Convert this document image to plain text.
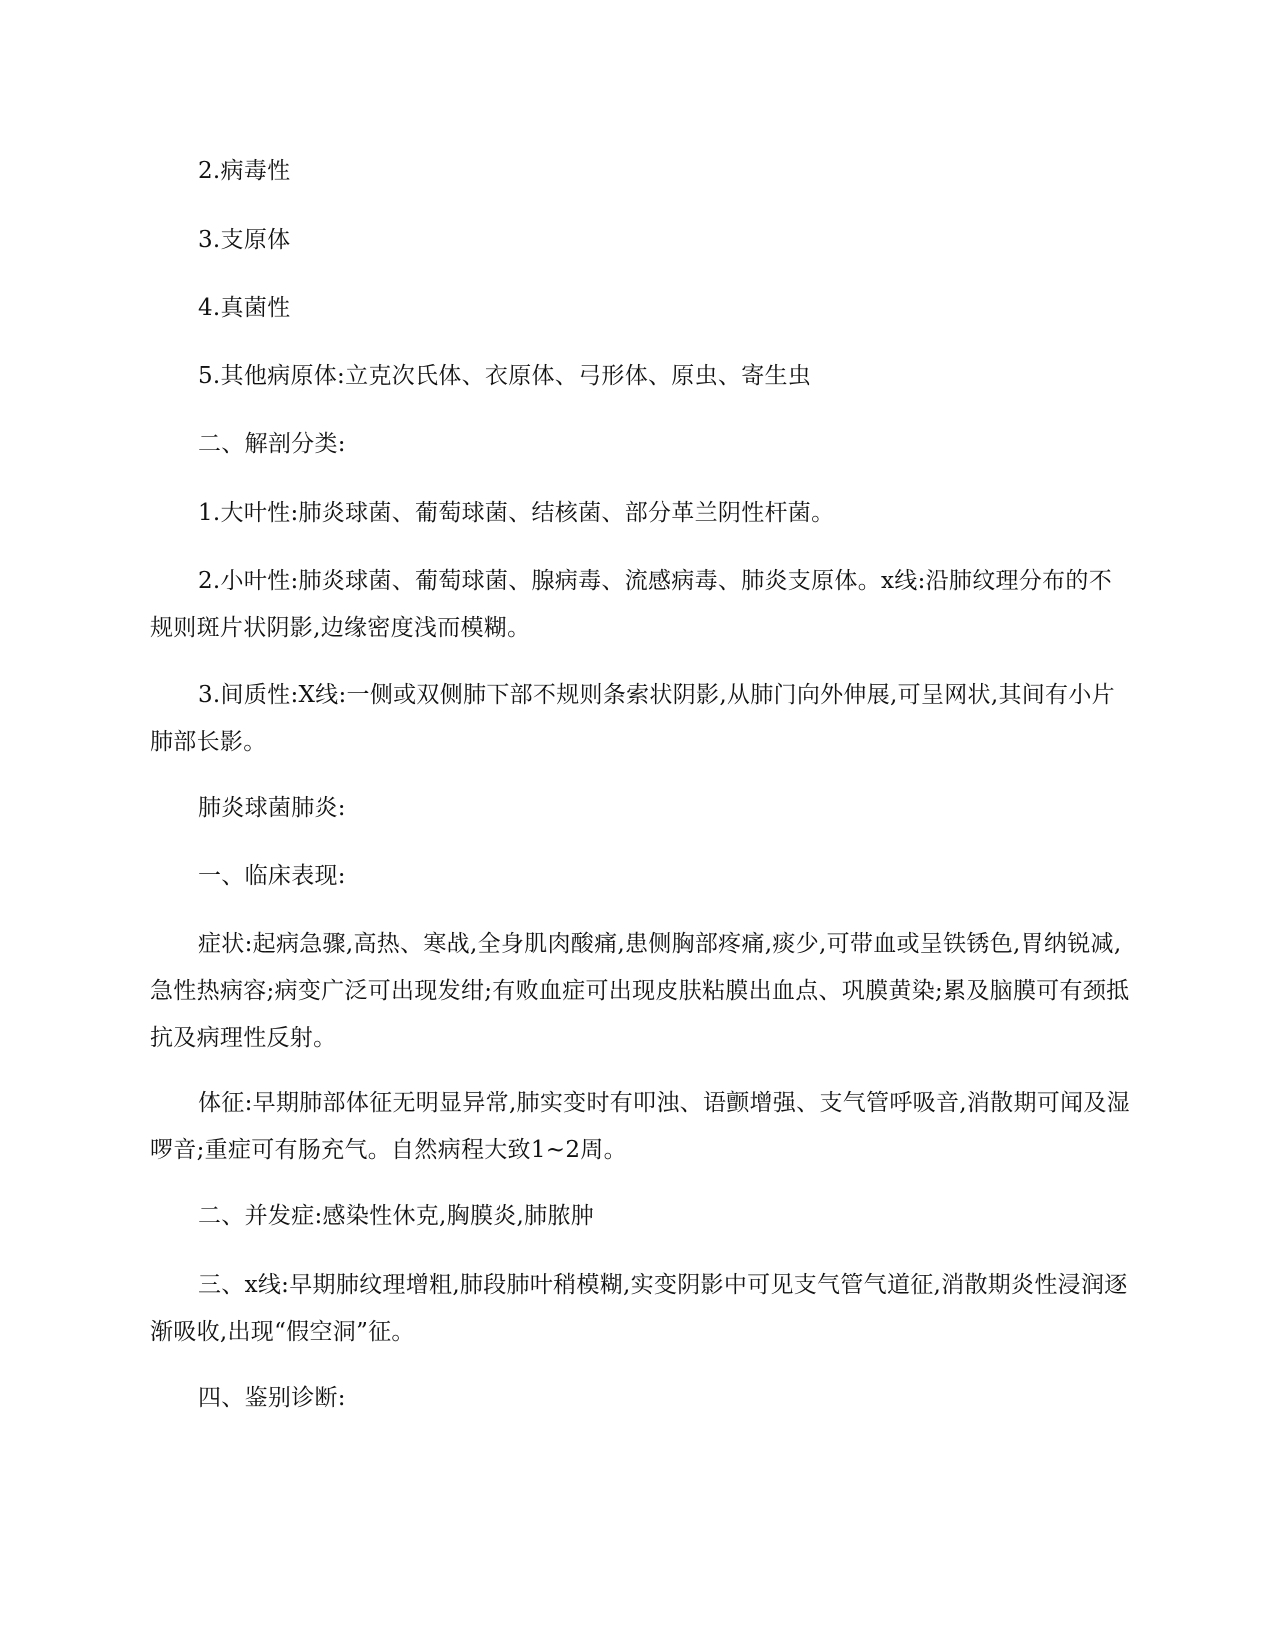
2.病毒性

3.支原体

4.真菌性

5.其他病原体:立克次氏体、衣原体、弓形体、原虫、寄生虫

二、解剖分类:

1.大叶性:肺炎球菌、葡萄球菌、结核菌、部分革兰阴性杆菌。

2.小叶性:肺炎球菌、葡萄球菌、腺病毒、流感病毒、肺炎支原体。x线:沿肺纹理分布的不规则斑片状阴影,边缘密度浅而模糊。

3.间质性:X线:一侧或双侧肺下部不规则条索状阴影,从肺门向外伸展,可呈网状,其间有小片肺部长影。

肺炎球菌肺炎:

一、临床表现:

症状:起病急骤,高热、寒战,全身肌肉酸痛,患侧胸部疼痛,痰少,可带血或呈铁锈色,胃纳锐减,急性热病容;病变广泛可出现发绀;有败血症可出现皮肤粘膜出血点、巩膜黄染;累及脑膜可有颈抵抗及病理性反射。

体征:早期肺部体征无明显异常,肺实变时有叩浊、语颤增强、支气管呼吸音,消散期可闻及湿啰音;重症可有肠充气。自然病程大致1~2周。

二、并发症:感染性休克,胸膜炎,肺脓肿

三、x线:早期肺纹理增粗,肺段肺叶稍模糊,实变阴影中可见支气管气道征,消散期炎性浸润逐渐吸收,出现“假空洞”征。

四、鉴别诊断:
